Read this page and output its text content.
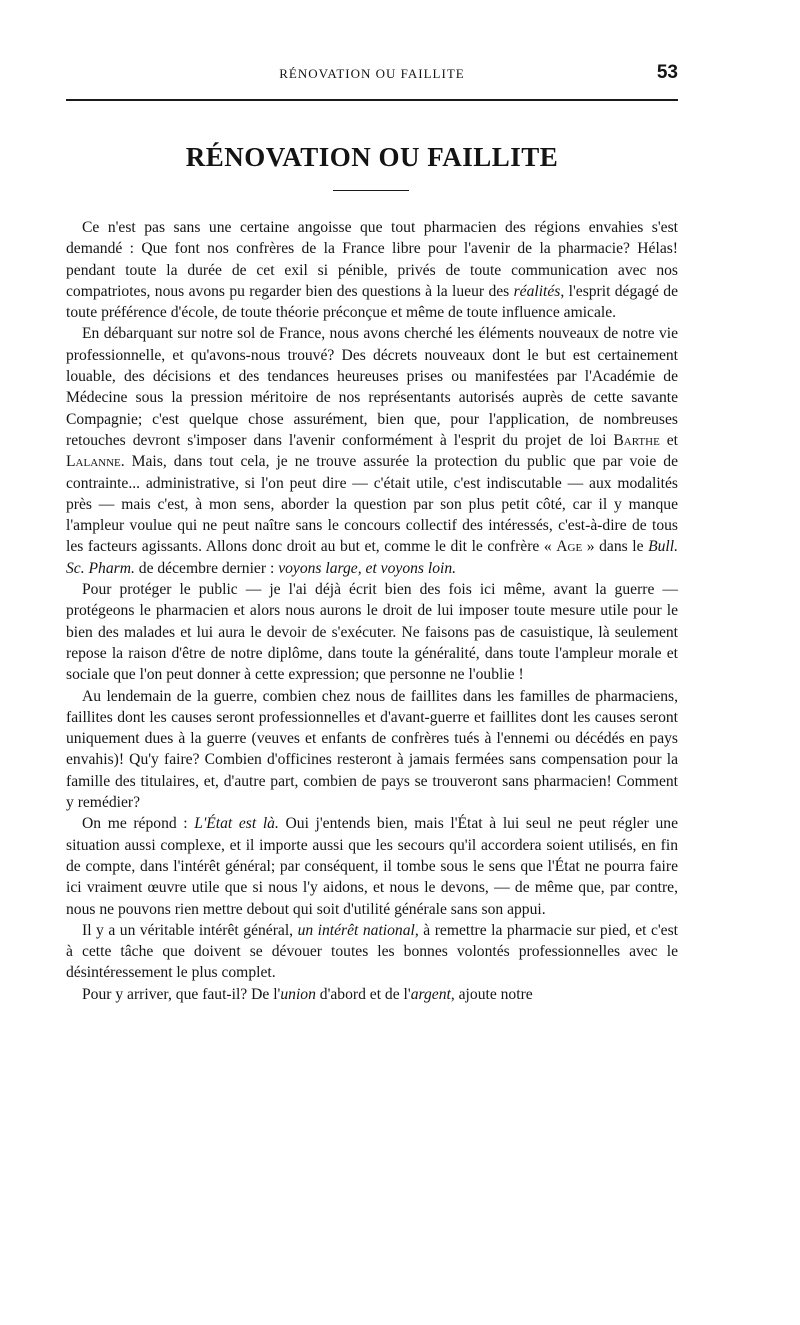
RÉNOVATION OU FAILLITE	53
RÉNOVATION OU FAILLITE

Ce n'est pas sans une certaine angoisse que tout pharmacien des régions envahies s'est demandé : Que font nos confrères de la France libre pour l'avenir de la pharmacie? Hélas! pendant toute la durée de cet exil si pénible, privés de toute communication avec nos compatriotes, nous avons pu regarder bien des questions à la lueur des réalités, l'esprit dégagé de toute préférence d'école, de toute théorie préconçue et même de toute influence amicale.

En débarquant sur notre sol de France, nous avons cherché les éléments nouveaux de notre vie professionnelle, et qu'avons-nous trouvé? Des décrets nouveaux dont le but est certainement louable, des décisions et des tendances heureuses prises ou manifestées par l'Académie de Médecine sous la pression méritoire de nos représentants autorisés auprès de cette savante Compagnie; c'est quelque chose assurément, bien que, pour l'application, de nombreuses retouches devront s'imposer dans l'avenir conformément à l'esprit du projet de loi Barthe et Lalanne. Mais, dans tout cela, je ne trouve assurée la protection du public que par voie de contrainte... administrative, si l'on peut dire — c'était utile, c'est indiscutable — aux modalités près — mais c'est, à mon sens, aborder la question par son plus petit côté, car il y manque l'ampleur voulue qui ne peut naître sans le concours collectif des intéressés, c'est-à-dire de tous les facteurs agissants. Allons donc droit au but et, comme le dit le confrère « Age » dans le Bull. Sc. Pharm. de décembre dernier : voyons large, et voyons loin.

Pour protéger le public — je l'ai déjà écrit bien des fois ici même, avant la guerre — protégeons le pharmacien et alors nous aurons le droit de lui imposer toute mesure utile pour le bien des malades et lui aura le devoir de s'exécuter. Ne faisons pas de casuistique, là seulement repose la raison d'être de notre diplôme, dans toute la généralité, dans toute l'ampleur morale et sociale que l'on peut donner à cette expression; que personne ne l'oublie !

Au lendemain de la guerre, combien chez nous de faillites dans les familles de pharmaciens, faillites dont les causes seront professionnelles et d'avant-guerre et faillites dont les causes seront uniquement dues à la guerre (veuves et enfants de confrères tués à l'ennemi ou décédés en pays envahis)! Qu'y faire? Combien d'officines resteront à jamais fermées sans compensation pour la famille des titulaires, et, d'autre part, combien de pays se trouveront sans pharmacien! Comment y remédier?

On me répond : L'État est là. Oui j'entends bien, mais l'État à lui seul ne peut régler une situation aussi complexe, et il importe aussi que les secours qu'il accordera soient utilisés, en fin de compte, dans l'intérêt général; par conséquent, il tombe sous le sens que l'État ne pourra faire ici vraiment œuvre utile que si nous l'y aidons, et nous le devons, — de même que, par contre, nous ne pouvons rien mettre debout qui soit d'utilité générale sans son appui.

Il y a un véritable intérêt général, un intérêt national, à remettre la pharmacie sur pied, et c'est à cette tâche que doivent se dévouer toutes les bonnes volontés professionnelles avec le désintéressement le plus complet.

Pour y arriver, que faut-il? De l'union d'abord et de l'argent, ajoute notre
